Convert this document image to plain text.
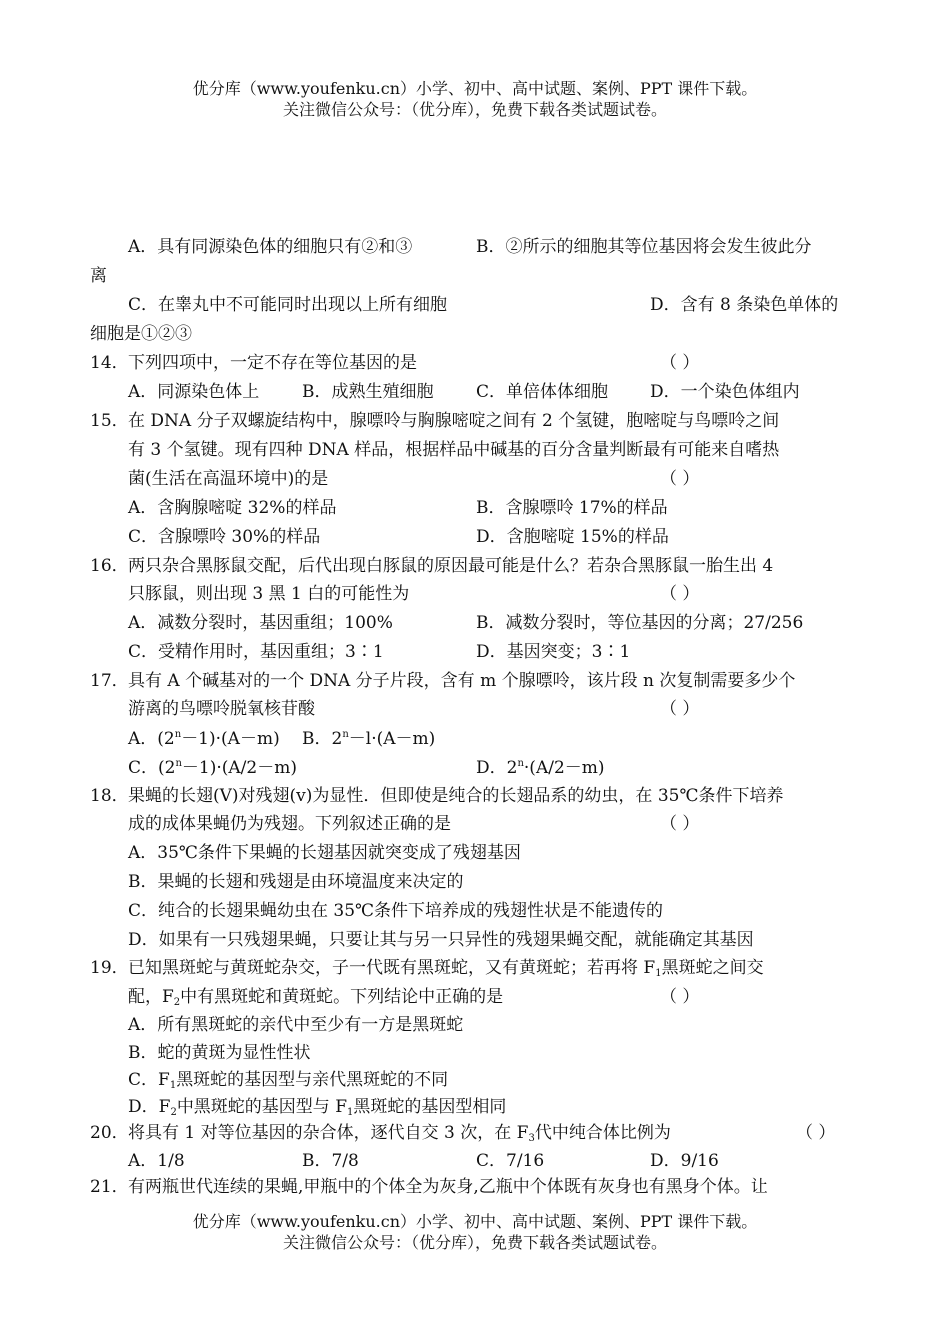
优分库（www.youfenku.cn）小学、初中、高中试题、案例、PPT 课件下载。
关注微信公众号：（优分库），免费下载各类试题试卷。
A．具有同源染色体的细胞只有②和③	B．②所示的细胞其等位基因将会发生彼此分
离
C．在睾丸中不可能同时出现以上所有细胞	D．含有 8 条染色单体的
细胞是①②③
14． 下列四项中，一定不存在等位基因的是	（ ）
A．同源染色体上	B．成熟生殖细胞	C．单倍体体细胞 D．一个染色体组内
15． 在 DNA 分子双螺旋结构中，腺嘌呤与胸腺嘧啶之间有 2 个氢键，胞嘧啶与鸟嘌呤之间
有 3 个氢键。现有四种 DNA 样品，根据样品中碱基的百分含量判断最有可能来自嗜热
菌(生活在高温环境中)的是	（ ）
A．含胸腺嘧啶 32%的样品	B．含腺嘌呤 17%的样品
C．含腺嘌呤 30%的样品	D．含胞嘧啶 15%的样品
16． 两只杂合黑豚鼠交配，后代出现白豚鼠的原因最可能是什么？若杂合黑豚鼠一胎生出 4
只豚鼠，则出现 3 黑 1 白的可能性为	（ ）
A．减数分裂时，基因重组；100%	B．减数分裂时，等位基因的分离；27/256
C．受精作用时，基因重组；3∶1	D．基因突变；3∶1
17． 具有 A 个碱基对的一个 DNA 分子片段，含有 m 个腺嘌呤，该片段 n 次复制需要多少个
游离的鸟嘌呤脱氧核苷酸	（ ）
A．$(2^n-1)\cdot(A-m)$ B．$2^n-l\cdot(A-m)$
C．$(2^n-1)\cdot(A/2-m)$	D．$2^n\cdot(A/2-m)$
18． 果蝇的长翅(V)对残翅(v)为显性．但即使是纯合的长翅品系的幼虫，在 35℃条件下培养
成的成体果蝇仍为残翅。下列叙述正确的是	（ ）
A．35℃条件下果蝇的长翅基因就突变成了残翅基因
B．果蝇的长翅和残翅是由环境温度来决定的
C．纯合的长翅果蝇幼虫在 35℃条件下培养成的残翅性状是不能遗传的
D．如果有一只残翅果蝇，只要让其与另一只异性的残翅果蝇交配，就能确定其基因
19． 已知黑斑蛇与黄斑蛇杂交，子一代既有黑斑蛇，又有黄斑蛇；若再将 $F_1$黑斑蛇之间交
配，$F_2$中有黑斑蛇和黄斑蛇。下列结论中正确的是	（ ）
A．所有黑斑蛇的亲代中至少有一方是黑斑蛇
B．蛇的黄斑为显性性状
C．$F_1$黑斑蛇的基因型与亲代黑斑蛇的不同
D．$F_2$中黑斑蛇的基因型与 $F_1$黑斑蛇的基因型相同
20． 将具有 1 对等位基因的杂合体，逐代自交 3 次，在 $F_3$代中纯合体比例为	（ ）
A．1/8	B．7/8	C．7/16	D．9/16
21． 有两瓶世代连续的果蝇,甲瓶中的个体全为灰身,乙瓶中个体既有灰身也有黑身个体。让
优分库（www.youfenku.cn）小学、初中、高中试题、案例、PPT 课件下载。
关注微信公众号：（优分库），免费下载各类试题试卷。
